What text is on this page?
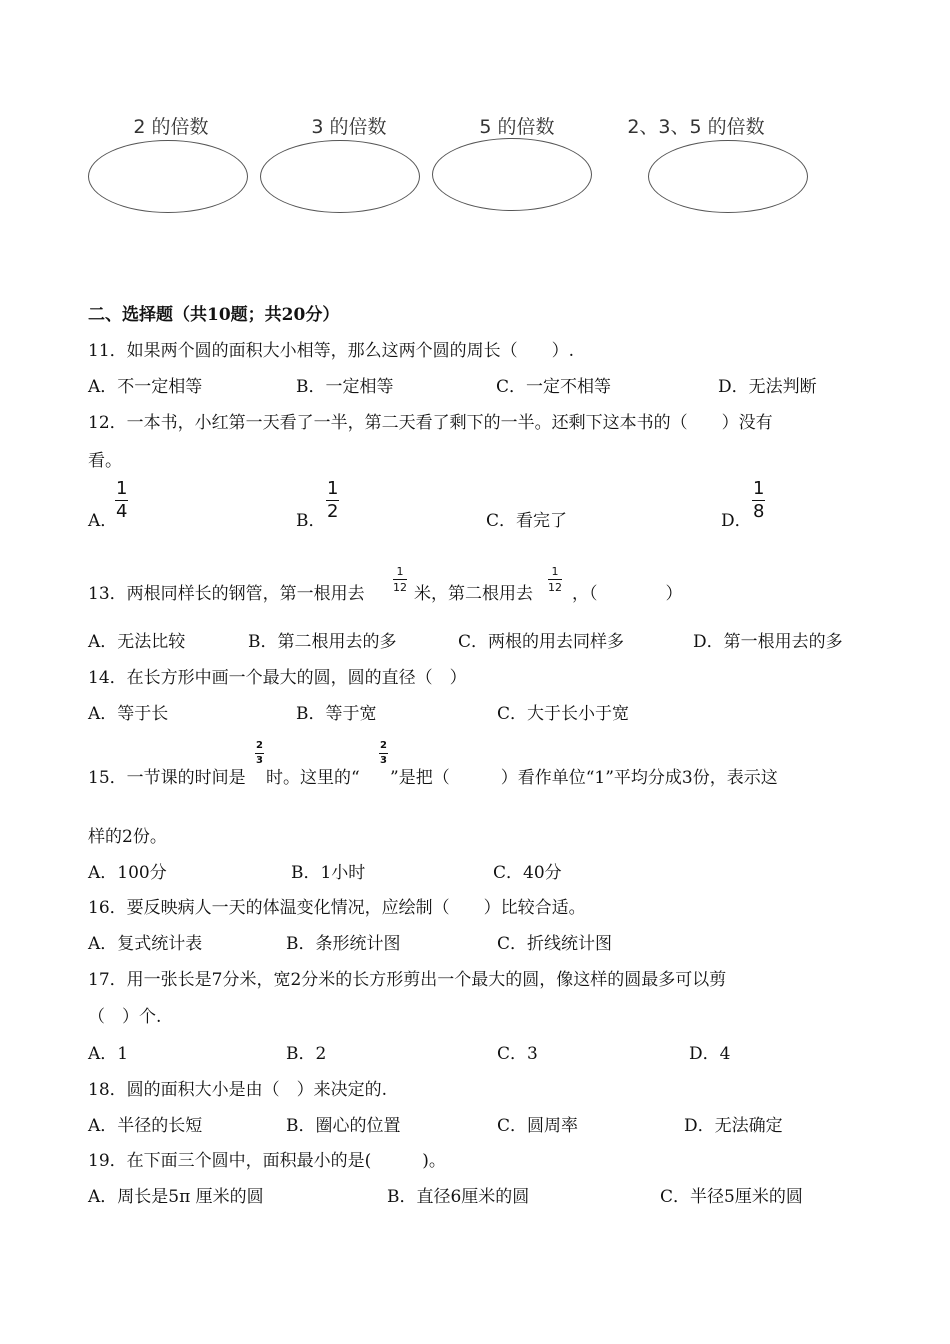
2 的倍数	3 的倍数	5 的倍数	2、3、5 的倍数
二、选择题（共10题；共20分）
11．如果两个圆的面积大小相等，那么这两个圆的周长（　　）.
A．不一定相等	B．一定相等	C．一定不相等	D．无法判断
12．一本书，小红第一天看了一半，第二天看了剩下的一半。还剩下这本书的（　　）没有
看。
A．
$\frac{1}{4}$	B． $\frac{1}{2}$	C．看完了	D． $\frac{1}{8}$
13．两根同样长的钢管，第一根用去
$\frac{1}{12}$
米，第二根用去
$\frac{1}{12}$
，（　　　　）
A．无法比较	B．第二根用去的多	C．两根的用去同样多	D．第一根用去的多
14．在长方形中画一个最大的圆，圆的直径（　）
A．等于长	B．等于宽	C．大于长小于宽
15．一节课的时间是
$\frac{2}{3}$
时。这里的“
$\frac{2}{3}$
”是把（　　　）看作单位“1”平均分成3份，表示这
样的2份。
A．100分	B．1小时	C．40分
16．要反映病人一天的体温变化情况，应绘制（　　）比较合适。
A．复式统计表	B．条形统计图	C．折线统计图
17．用一张长是7分米，宽2分米的长方形剪出一个最大的圆，像这样的圆最多可以剪
（　）个.
A．1	B．2	C．3	D．4
18．圆的面积大小是由（　）来决定的.
A．半径的长短	B．圈心的位置	C．圆周率	D．无法确定
19．在下面三个圆中，面积最小的是(　　　)。
A．周长是5π 厘米的圆	B．直径6厘米的圆	C．半径5厘米的圆
